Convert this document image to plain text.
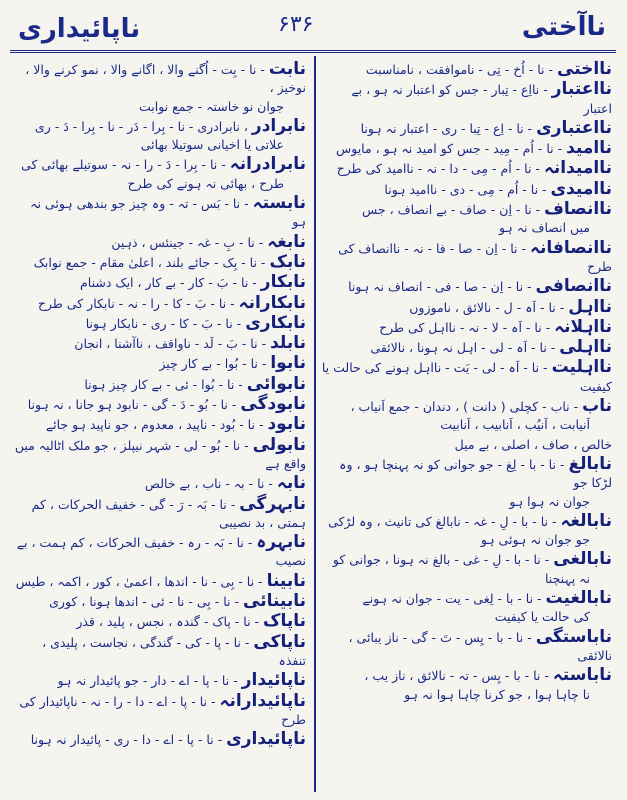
ناآختی
۶۳۶
ناپائیداری
ناآختی- نا - اُخ - تِی - ناموافقت ، نامناسبت
نااعتبار- نااِع - تِبار - جس کو اعتبار نہ ہو ، بے اعتبار
نااعتباری- نا - اِع - تِبا - ری - اعتبار نہ ہونا
ناامید- نا - اُم - مِید - جس کو امید نہ ہو ، مایوس
ناامیدانہ- نا - اُم - مِی - دا - نہ - ناامید کی طرح
ناامیدی- نا - اُم - مِی - دی - ناامید ہونا
ناانصاف- نا - اِن - صاف - بے انصاف ، جس
میں انصاف نہ ہو
ناانصافانہ- نا - اِن - صا - فا - نہ - ناانصاف کی طرح
ناانصافی- نا - اِن - صا - فی - انصاف نہ ہونا
نااہل- نا - اَہ - ل - نالائق ، ناموزوں
نااہلانہ- نا - اَہ - لا - نہ - نااہل کی طرح
نااہلی- نا - اَہ - لی - اہل نہ ہونا ، نالائقی
نااہلیت- نا - اَہ - لی - یَت - نااہل ہونے کی حالت یا کیفیت
ناب- ناب - کچلی ( دانت ) ، دندان - جمع اَنیاب ،
اَنیابت ، اَنیُب ، اَنابیب ، اَنابیت
خالص ، صاف ، اصلی ، بے میل
نابالغ- نا - با - لِغ - جو جوانی کو نہ پہنچا ہو ، وہ لڑکا جو
جوان نہ ہوا ہو
نابالغہ- نا - با - لِ - غہ - نابالغ کی تانیث ، وہ لڑکی
جو جوان نہ ہوئی ہو
نابالغی- نا - با - لِ - غی - بالغ نہ ہونا ، جوانی کو
نہ پہنچنا
نابالغیت- نا - با - لِغی - یت - جوان نہ ہونے
کی حالت یا کیفیت
ناباستگی- نا - با - یِس - تَ - گی - ناز یبائی ، نالائقی
ناباستہ- نا - با - یِس - تہ - نالائق ، ناز یب ،
نا چاہا ہوا ، جو کرنا چاہا ہوا نہ ہو
نابت- نا - بِت - اُگنے والا ، اگانے والا ، نمو کرنے والا ، نوخیز ،
جوان نو خاستہ - جمع نوابت
نابرادر، نابرادری - نا - بِرا - دَر - نا - بِرا - دَ - ری
علاتی یا اخیانی سوتیلا بھائی
نابرادرانہ- نا - بِرا - دَ - را - نہ - سوتیلے بھائی کی
طرح ، بھائی نہ ہونے کی طرح
نابستہ- نا - بَس - تہ - وہ چیز جو بندھی ہوئی نہ ہو
نابغہ- نا - بِ - غہ - جینئس ، ذہین
نابک- نا - بِک - جائے بلند ، اعلیٰ مقام - جمع نوابک
نابکار- نا - بَ - کار - بے کار ، ایک دشنام
نابکارانہ- نا - بَ - کا - را - نہ - نابکار کی طرح
نابکاری- نا - بَ - کا - ری - نابکار ہونا
نابلد- نا - بَ - لَد - ناواقف ، ناآشنا ، انجان
نابوا- نا - بُوا - بے کار چیز
نابوائی- نا - بُوا - ئی - بے کار چیز ہونا
نابودگی- نا - بُو - دَ - گی - نابود ہو جانا ، نہ ہونا
نابود- نا - بُود - ناپید ، معدوم ، جو ناپید ہو جائے
نابولی- نا - بُو - لی - شہر نیپلز ، جو ملک اٹالیہ میں واقع ہے
نابہ- نا - بہ - ناب ، بے خالص
نابہرگی- نا - بَہ - رَ - گی - خفیف الحرکات ، کم ہمتی ، بد نصیبی
نابہرہ- نا - بَہ - رہ - خفیف الحرکات ، کم ہمت ، بے نصیب
نابینا- نا - بِی - نا - اندھا ، اعمیٰ ، کور ، اکمہ ، طیس
نابینائی- نا - بِی - نا - ئی - اندھا ہونا ، کوری
ناپاک- نا - پاک - گندہ ، نجس ، پلید ، قذر
ناپاکی- نا - پا - کی - گندگی ، نجاست ، پلیدی ، تنفذہ
ناپائیدار- نا - پا - اے - دار - جو پائیدار نہ ہو
ناپائیدارانہ- نا - پا - اے - دا - را - نہ - ناپائیدار کی طرح
ناپائیداری- نا - پا - اے - دا - ری - پائیدار نہ ہونا
